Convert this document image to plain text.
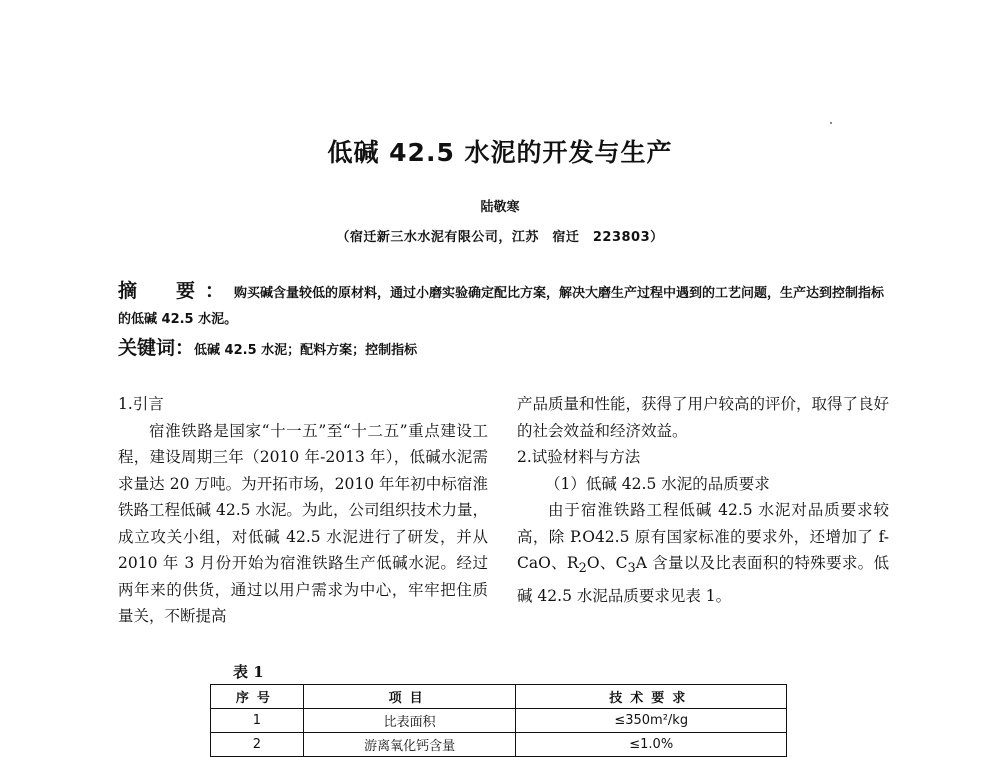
低碱 42.5 水泥的开发与生产
陆敬寒
（宿迁新三水水泥有限公司，江苏　宿迁　223803）
摘　要：购买碱含量较低的原材料，通过小磨实验确定配比方案，解决大磨生产过程中遇到的工艺问题，生产达到控制指标的低碱 42.5 水泥。
关键词：低碱 42.5 水泥；配料方案；控制指标

1.引言

宿淮铁路是国家“十一五”至“十二五”重点建设工程，建设周期三年（2010 年-2013 年），低碱水泥需求量达 20 万吨。为开拓市场，2010 年年初中标宿淮铁路工程低碱 42.5 水泥。为此，公司组织技术力量，成立攻关小组，对低碱 42.5 水泥进行了研发，并从 2010 年 3 月份开始为宿淮铁路生产低碱水泥。经过两年来的供货，通过以用户需求为中心，牢牢把住质量关，不断提高

产品质量和性能，获得了用户较高的评价，取得了良好的社会效益和经济效益。

2.试验材料与方法

（1）低碱 42.5 水泥的品质要求

由于宿淮铁路工程低碱 42.5 水泥对品质要求较高，除 P.O42.5 原有国家标准的要求外，还增加了 f-CaO、$R_2O$、$C_3A$ 含量以及比表面积的特殊要求。低碱 42.5 水泥品质要求见表 1。

表 1
序号	项目	技术要求
1	比表面积	≤350m²/kg
2	游离氧化钙含量	≤1.0%
